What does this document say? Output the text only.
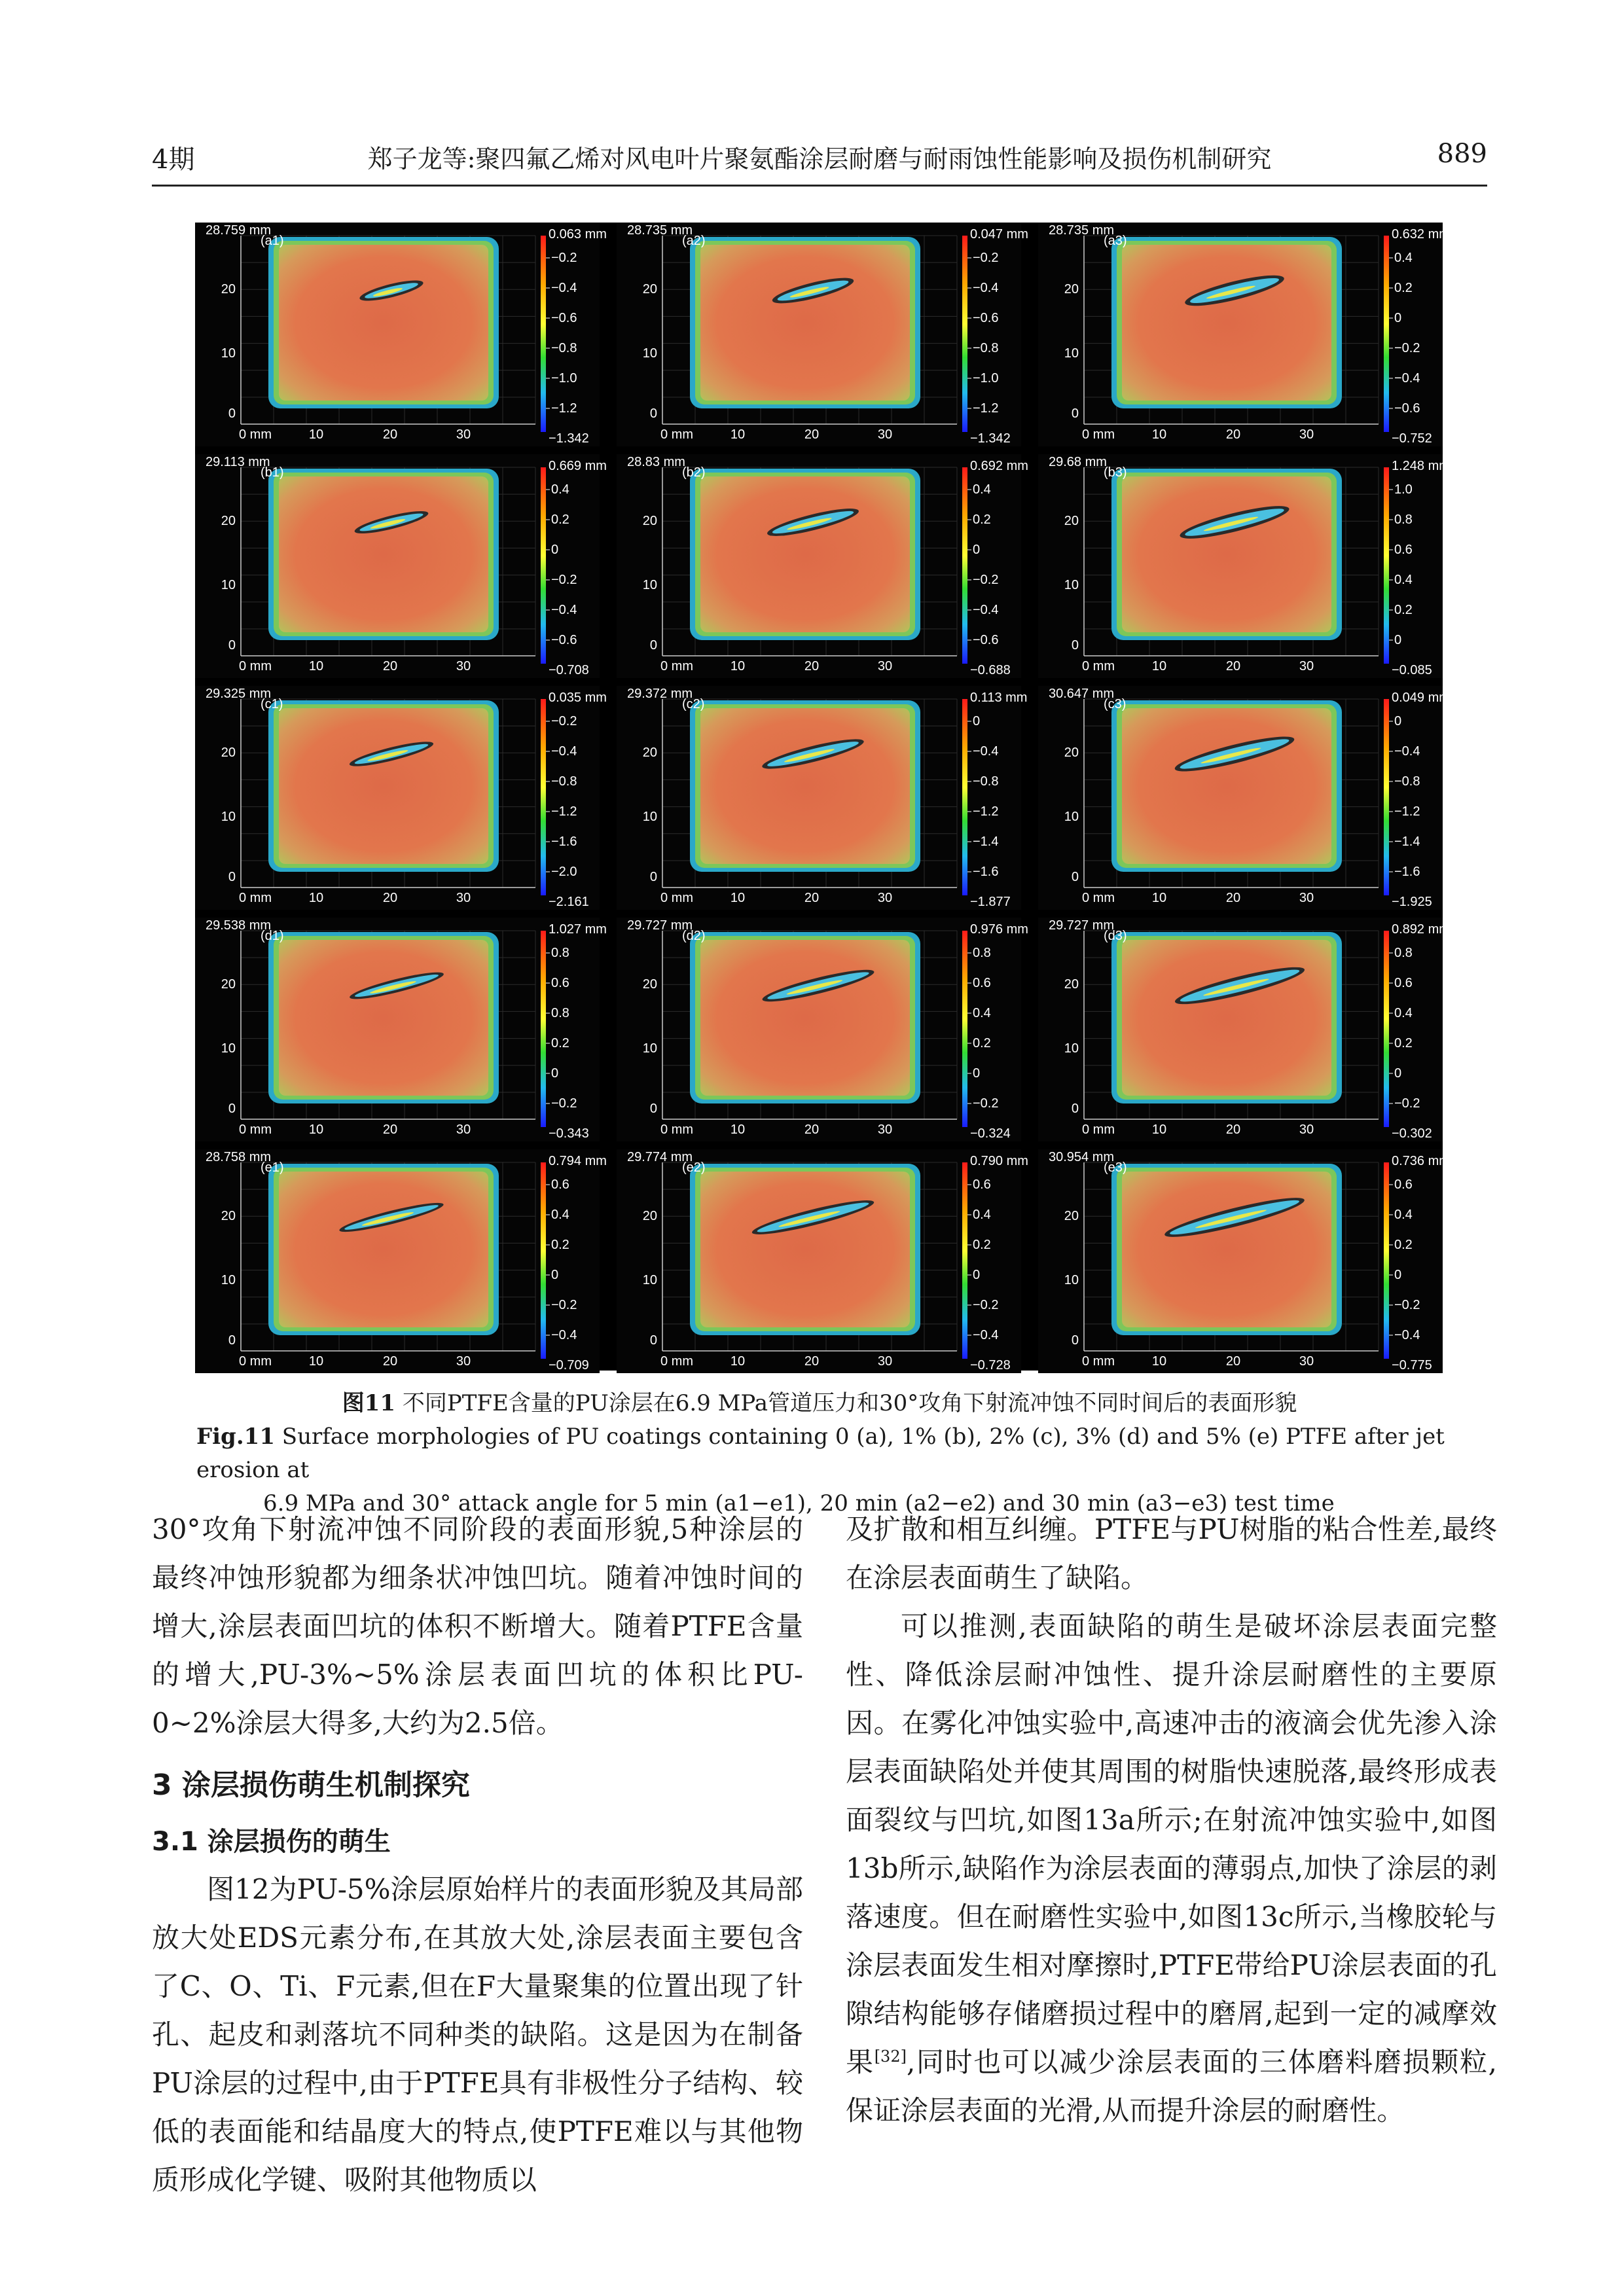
4期	郑子龙等:聚四氟乙烯对风电叶片聚氨酯涂层耐磨与耐雨蚀性能影响及损伤机制研究	889
28.759 mm
(a1)
20
10
0
0 mm	10	20	30
0.063 mm
−0.2
−0.4
−0.6
−0.8
−1.0
−1.2
−1.342
28.735 mm
(a2)
20
10
0
0 mm	10	20	30
0.047 mm
−0.2
−0.4
−0.6
−0.8
−1.0
−1.2
−1.342
28.735 mm
(a3)
20
10
0
0 mm	10	20	30
0.632 mm
0.4
0.2
0
−0.2
−0.4
−0.6
−0.752
29.113 mm
(b1)
20
10
0
0 mm	10	20	30
0.669 mm
0.4
0.2
0
−0.2
−0.4
−0.6
−0.708
28.83 mm
(b2)
20
10
0
0 mm	10	20	30
0.692 mm
0.4
0.2
0
−0.2
−0.4
−0.6
−0.688
29.68 mm
(b3)
20
10
0
0 mm	10	20	30
1.248 mm
1.0
0.8
0.6
0.4
0.2
0
−0.085
29.325 mm
(c1)
20
10
0
0 mm	10	20	30
0.035 mm
−0.2
−0.4
−0.8
−1.2
−1.6
−2.0
−2.161
29.372 mm
(c2)
20
10
0
0 mm	10	20	30
0.113 mm
0
−0.4
−0.8
−1.2
−1.4
−1.6
−1.877
30.647 mm
(c3)
20
10
0
0 mm	10	20	30
0.049 mm
0
−0.4
−0.8
−1.2
−1.4
−1.6
−1.925
29.538 mm
(d1)
20
10
0
0 mm	10	20	30
1.027 mm
0.8
0.6
0.8
0.2
0
−0.2
−0.343
29.727 mm
(d2)
20
10
0
0 mm	10	20	30
0.976 mm
0.8
0.6
0.4
0.2
0
−0.2
−0.324
29.727 mm
(d3)
20
10
0
0 mm	10	20	30
0.892 mm
0.8
0.6
0.4
0.2
0
−0.2
−0.302
28.758 mm
(e1)
20
10
0
0 mm	10	20	30
0.794 mm
0.6
0.4
0.2
0
−0.2
−0.4
−0.709
29.774 mm
(e2)
20
10
0
0 mm	10	20	30
0.790 mm
0.6
0.4
0.2
0
−0.2
−0.4
−0.728
30.954 mm
(e3)
20
10
0
0 mm	10	20	30
0.736 mm
0.6
0.4
0.2
0
−0.2
−0.4
−0.775
图11 不同PTFE含量的PU涂层在6.9 MPa管道压力和30°攻角下射流冲蚀不同时间后的表面形貌
Fig.11 Surface morphologies of PU coatings containing 0 (a), 1% (b), 2% (c), 3% (d) and 5% (e) PTFE after jet erosion at
6.9 MPa and 30° attack angle for 5 min (a1−e1), 20 min (a2−e2) and 30 min (a3−e3) test time

30°攻角下射流冲蚀不同阶段的表面形貌,5种涂层的最终冲蚀形貌都为细条状冲蚀凹坑。随着冲蚀时间的增大,涂层表面凹坑的体积不断增大。随着PTFE含量的增大,PU-3%~5%涂层表面凹坑的体积比PU-0~2%涂层大得多,大约为2.5倍。

3 涂层损伤萌生机制探究
3.1 涂层损伤的萌生

图12为PU-5%涂层原始样片的表面形貌及其局部放大处EDS元素分布,在其放大处,涂层表面主要包含了C、O、Ti、F元素,但在F大量聚集的位置出现了针孔、起皮和剥落坑不同种类的缺陷。这是因为在制备PU涂层的过程中,由于PTFE具有非极性分子结构、较低的表面能和结晶度大的特点,使PTFE难以与其他物质形成化学键、吸附其他物质以

及扩散和相互纠缠。PTFE与PU树脂的粘合性差,最终在涂层表面萌生了缺陷。

可以推测,表面缺陷的萌生是破坏涂层表面完整性、降低涂层耐冲蚀性、提升涂层耐磨性的主要原因。在雾化冲蚀实验中,高速冲击的液滴会优先渗入涂层表面缺陷处并使其周围的树脂快速脱落,最终形成表面裂纹与凹坑,如图13a所示;在射流冲蚀实验中,如图13b所示,缺陷作为涂层表面的薄弱点,加快了涂层的剥落速度。但在耐磨性实验中,如图13c所示,当橡胶轮与涂层表面发生相对摩擦时,PTFE带给PU涂层表面的孔隙结构能够存储磨损过程中的磨屑,起到一定的减摩效果[32],同时也可以减少涂层表面的三体磨料磨损颗粒,保证涂层表面的光滑,从而提升涂层的耐磨性。
